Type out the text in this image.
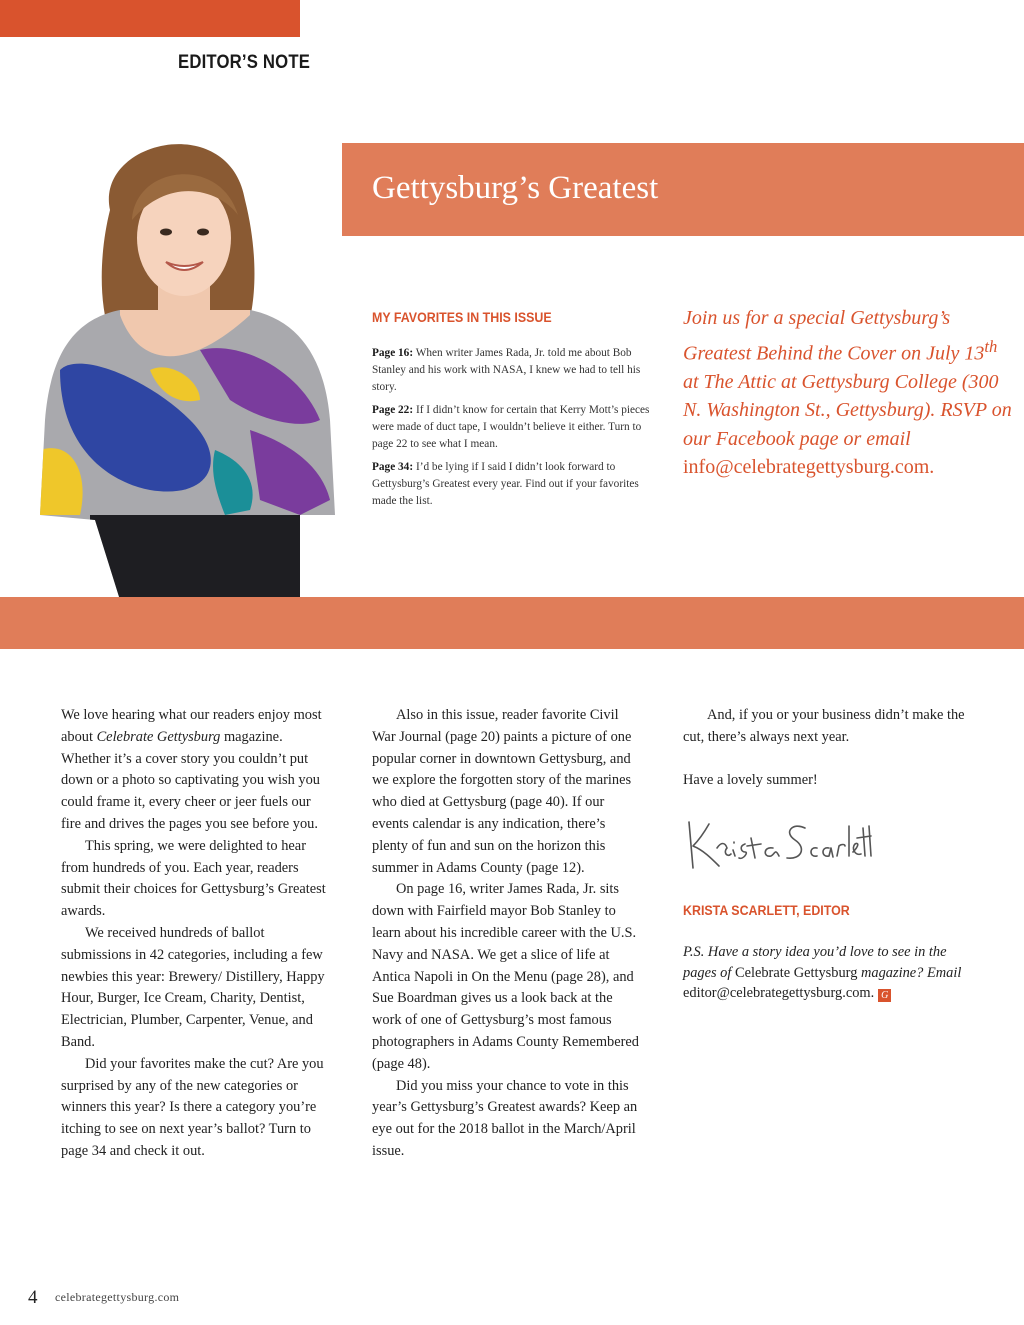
EDITOR’S NOTE
Gettysburg’s Greatest
MY FAVORITES IN THIS ISSUE
Page 16: When writer James Rada, Jr. told me about Bob Stanley and his work with NASA, I knew we had to tell his story.
Page 22: If I didn’t know for certain that Kerry Mott’s pieces were made of duct tape, I wouldn’t believe it either. Turn to page 22 to see what I mean.
Page 34: I’d be lying if I said I didn’t look forward to Gettysburg’s Greatest every year. Find out if your favorites made the list.
Join us for a special Gettysburg’s Greatest Behind the Cover on July 13th at The Attic at Gettysburg College (300 N. Washington St., Gettysburg). RSVP on our Facebook page or email info@celebrategettysburg.com.

We love hearing what our readers enjoy most about Celebrate Gettysburg magazine. Whether it’s a cover story you couldn’t put down or a photo so captivating you wish you could frame it, every cheer or jeer fuels our fire and drives the pages you see before you.

This spring, we were delighted to hear from hundreds of you. Each year, readers submit their choices for Gettysburg’s Greatest awards.

We received hundreds of ballot submissions in 42 categories, including a few newbies this year: Brewery/ Distillery, Happy Hour, Burger, Ice Cream, Charity, Dentist, Electrician, Plumber, Carpenter, Venue, and Band.

Did your favorites make the cut? Are you surprised by any of the new categories or winners this year? Is there a category you’re itching to see on next year’s ballot? Turn to page 34 and check it out.

Also in this issue, reader favorite Civil War Journal (page 20) paints a picture of one popular corner in downtown Gettysburg, and we explore the forgotten story of the marines who died at Gettysburg (page 40). If our events calendar is any indication, there’s plenty of fun and sun on the horizon this summer in Adams County (page 12).

On page 16, writer James Rada, Jr. sits down with Fairfield mayor Bob Stanley to learn about his incredible career with the U.S. Navy and NASA. We get a slice of life at Antica Napoli in On the Menu (page 28), and Sue Boardman gives us a look back at the work of one of Gettysburg’s most famous photographers in Adams County Remembered (page 48).

Did you miss your chance to vote in this year’s Gettysburg’s Greatest awards? Keep an eye out for the 2018 ballot in the March/April issue.

And, if you or your business didn’t make the cut, there’s always next year.

Have a lovely summer!

Krista Scarlett
KRISTA SCARLETT, EDITOR
P.S. Have a story idea you’d love to see in the pages of Celebrate Gettysburg magazine? Email
editor@celebrategettysburg.com. G
4 celebrategettysburg.com
